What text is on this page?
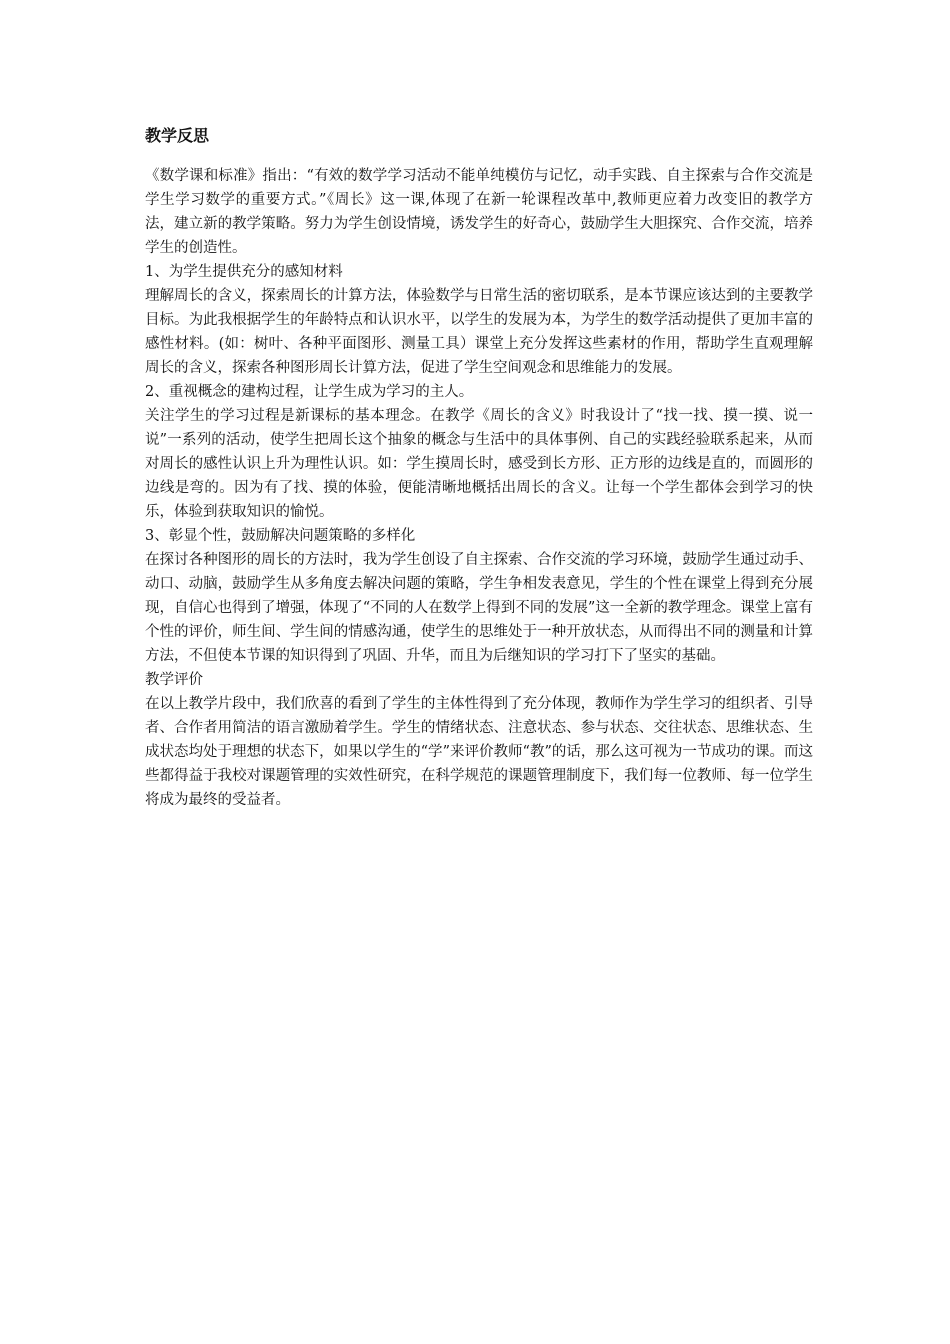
教学反思

《数学课和标准》指出：“有效的数学学习活动不能单纯模仿与记忆，动手实践、自主探索与合作交流是学生学习数学的重要方式。”《周长》这一课,体现了在新一轮课程改革中,教师更应着力改变旧的教学方法，建立新的教学策略。努力为学生创设情境，诱发学生的好奇心，鼓励学生大胆探究、合作交流，培养学生的创造性。

1、为学生提供充分的感知材料

理解周长的含义，探索周长的计算方法，体验数学与日常生活的密切联系，是本节课应该达到的主要教学目标。为此我根据学生的年龄特点和认识水平，以学生的发展为本，为学生的数学活动提供了更加丰富的感性材料。(如：树叶、各种平面图形、测量工具）课堂上充分发挥这些素材的作用，帮助学生直观理解周长的含义，探索各种图形周长计算方法，促进了学生空间观念和思维能力的发展。

2、重视概念的建构过程，让学生成为学习的主人。

关注学生的学习过程是新课标的基本理念。在教学《周长的含义》时我设计了“找一找、摸一摸、说一说”一系列的活动，使学生把周长这个抽象的概念与生活中的具体事例、自己的实践经验联系起来，从而对周长的感性认识上升为理性认识。如：学生摸周长时，感受到长方形、正方形的边线是直的，而圆形的边线是弯的。因为有了找、摸的体验，便能清晰地概括出周长的含义。让每一个学生都体会到学习的快乐，体验到获取知识的愉悦。

3、彰显个性，鼓励解决问题策略的多样化

在探讨各种图形的周长的方法时，我为学生创设了自主探索、合作交流的学习环境，鼓励学生通过动手、动口、动脑，鼓励学生从多角度去解决问题的策略，学生争相发表意见，学生的个性在课堂上得到充分展现，自信心也得到了增强，体现了“不同的人在数学上得到不同的发展”这一全新的教学理念。课堂上富有个性的评价，师生间、学生间的情感沟通，使学生的思维处于一种开放状态，从而得出不同的测量和计算方法，不但使本节课的知识得到了巩固、升华，而且为后继知识的学习打下了坚实的基础。

教学评价

在以上教学片段中，我们欣喜的看到了学生的主体性得到了充分体现，教师作为学生学习的组织者、引导者、合作者用简洁的语言激励着学生。学生的情绪状态、注意状态、参与状态、交往状态、思维状态、生成状态均处于理想的状态下，如果以学生的“学”来评价教师“教”的话，那么这可视为一节成功的课。而这些都得益于我校对课题管理的实效性研究，在科学规范的课题管理制度下，我们每一位教师、每一位学生将成为最终的受益者。
